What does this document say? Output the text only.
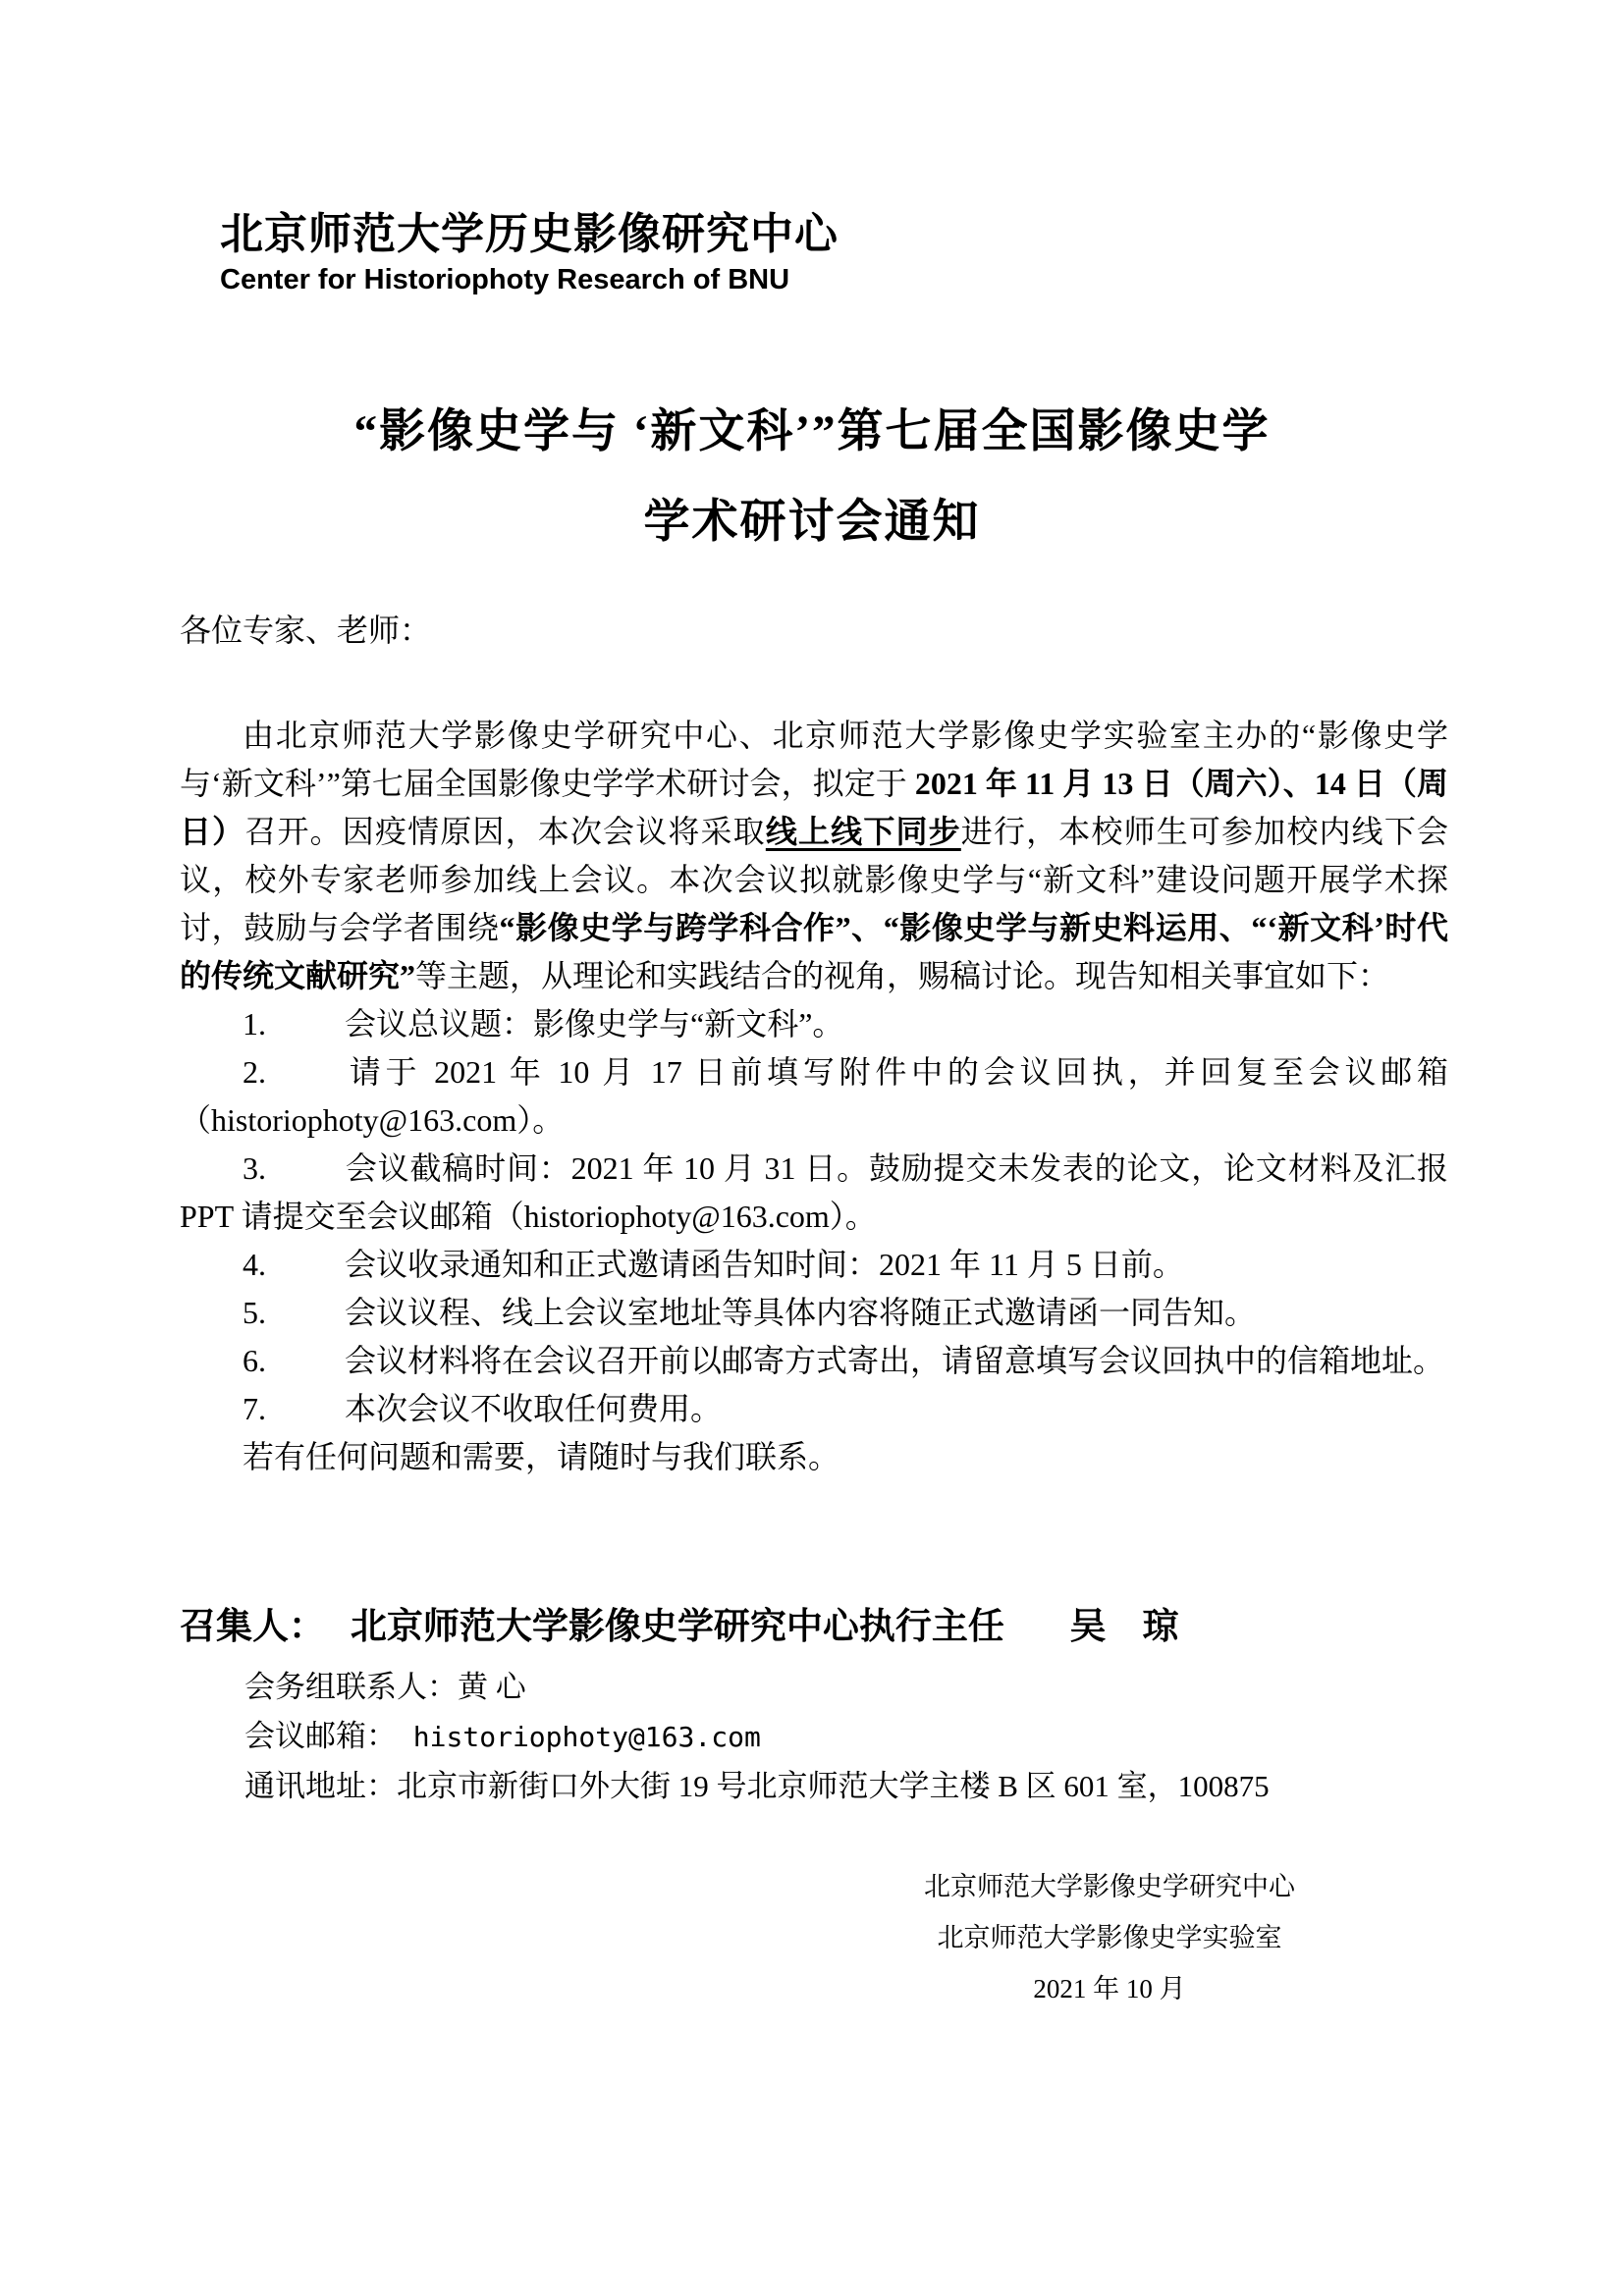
北京师范大学历史影像研究中心
Center for Historiophoty Research of BNU
“影像史学与 ‘新文科’”第七届全国影像史学
学术研讨会通知

各位专家、老师：

由北京师范大学影像史学研究中心、北京师范大学影像史学实验室主办的“影像史学与‘新文科’”第七届全国影像史学学术研讨会，拟定于 2021 年 11 月 13 日（周六）、14 日（周日）召开。因疫情原因，本次会议将采取线上线下同步进行，本校师生可参加校内线下会议，校外专家老师参加线上会议。本次会议拟就影像史学与“新文科”建设问题开展学术探讨，鼓励与会学者围绕“影像史学与跨学科合作”、“影像史学与新史料运用、“‘新文科’时代的传统文献研究”等主题，从理论和实践结合的视角，赐稿讨论。现告知相关事宜如下：

1.	会议总议题：影像史学与“新文科”。

2.	请于 2021 年 10 月 17 日前填写附件中的会议回执，并回复至会议邮箱（historiophoty@163.com）。

3.	会议截稿时间：2021 年 10 月 31 日。鼓励提交未发表的论文，论文材料及汇报 PPT 请提交至会议邮箱（historiophoty@163.com）。

4.	会议收录通知和正式邀请函告知时间：2021 年 11 月 5 日前。

5.	会议议程、线上会议室地址等具体内容将随正式邀请函一同告知。

6.	会议材料将在会议召开前以邮寄方式寄出，请留意填写会议回执中的信箱地址。

7.	本次会议不收取任何费用。

若有任何问题和需要，请随时与我们联系。

召集人： 北京师范大学影像史学研究中心执行主任 吴　琼

会务组联系人：黄 心

会议邮箱： historiophoty@163.com

通讯地址：北京市新街口外大街 19 号北京师范大学主楼 B 区 601 室，100875

北京师范大学影像史学研究中心

北京师范大学影像史学实验室

2021 年 10 月
